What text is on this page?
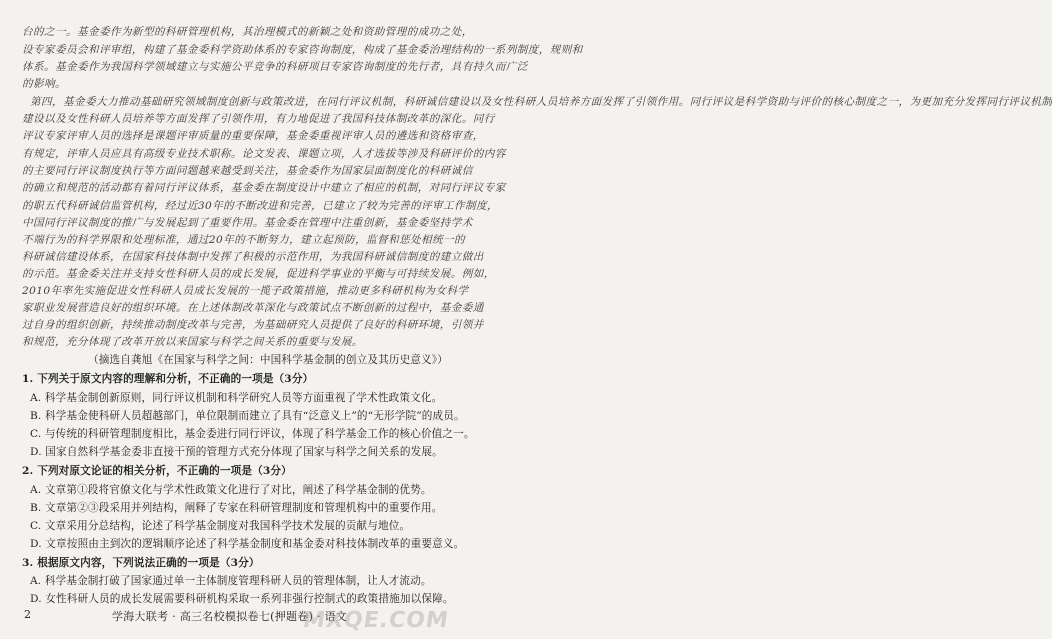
台的之一。基金委作为新型的科研管理机构，其治理模式的新颖之处和资助管理的成功之处，
设专家委员会和评审组，构建了基金委科学资助体系的专家咨询制度，构成了基金委治理结构的一系列制度，规则和
体系。基金委作为我国科学领域建立与实施公平竞争的科研项目专家咨询制度的先行者，具有持久而广泛
的影响。
第四，基金委大力推动基础研究领域制度创新与政策改进，在同行评议机制，科研诚信建设以及女性科研人员培养方面发挥了引领作用。同行评议是科学资助与评价的核心制度之一，为更加充分发挥同行评议机制
建设以及女性科研人员培养等方面发挥了引领作用，有力地促进了我国科技体制改革的深化。同行
评议专家评审人员的选择是课题评审质量的重要保障，基金委重视评审人员的遴选和资格审查，
有规定，评审人员应具有高级专业技术职称。论文发表、课题立项，人才选拔等涉及科研评价的内容
的主要同行评议制度执行等方面问题越来越受到关注，基金委作为国家层面制度化的科研诚信
的确立和规范的活动都有着同行评议体系，基金委在制度设计中建立了相应的机制，对同行评议专家
的职五代科研诚信监管机构，经过近30年的不断改进和完善，已建立了较为完善的评审工作制度，
中国同行评议制度的推广与发展起到了重要作用。基金委在管理中注重创新，基金委坚持学术
不端行为的科学界限和处理标准，通过20年的不断努力，建立起预防，监督和惩处相统一的
科研诚信建设体系，在国家科技体制中发挥了积极的示范作用，为我国科研诚信制度的建立做出
的示范。基金委关注并支持女性科研人员的成长发展，促进科学事业的平衡与可持续发展。例如，
2010年率先实施促进女性科研人员成长发展的一揽子政策措施，推动更多科研机构为女科学
家职业发展营造良好的组织环境。在上述体制改革深化与政策试点不断创新的过程中，基金委通
过自身的组织创新，持续推动制度改革与完善，为基础研究人员提供了良好的科研环境，引领并
和规范，充分体现了改革开放以来国家与科学之间关系的重要与发展。
（摘选自龚旭《在国家与科学之间：中国科学基金制的创立及其历史意义》）
1. 下列关于原文内容的理解和分析，不正确的一项是（3分）
A. 科学基金制创新原则，同行评议机制和科学研究人员等方面重视了学术性政策文化。
B. 科学基金使科研人员超越部门，单位限制而建立了具有“泛意义上”的“无形学院”的成员。
C. 与传统的科研管理制度相比，基金委进行同行评议，体现了科学基金工作的核心价值之一。
D. 国家自然科学基金委非直接干预的管理方式充分体现了国家与科学之间关系的发展。
2. 下列对原文论证的相关分析，不正确的一项是（3分）
A. 文章第①段将官僚文化与学术性政策文化进行了对比，阐述了科学基金制的优势。
B. 文章第②③段采用并列结构，阐释了专家在科研管理制度和管理机构中的重要作用。
C. 文章采用分总结构，论述了科学基金制度对我国科学技术发展的贡献与地位。
D. 文章按照由主到次的逻辑顺序论述了科学基金制度和基金委对科技体制改革的重要意义。
3. 根据原文内容，下列说法正确的一项是（3分）
A. 科学基金制打破了国家通过单一主体制度管理科研人员的管理体制，让人才流动。
D. 女性科研人员的成长发展需要科研机构采取一系列非强行控制式的政策措施加以保障。
2	学海大联考 · 高三名校模拟卷七(押题卷) · 语文
MXQE.COM
